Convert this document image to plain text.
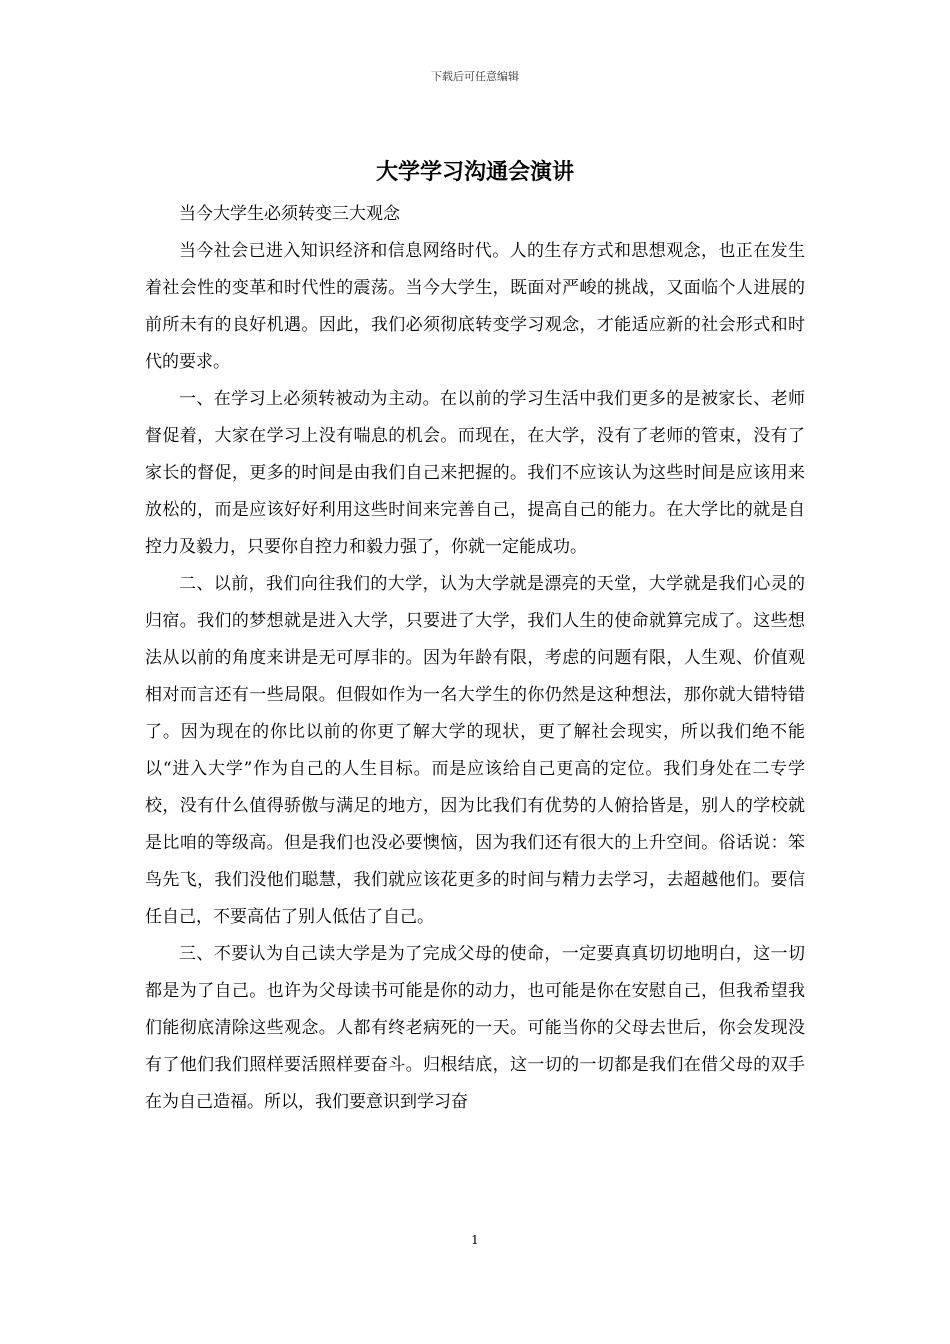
下载后可任意编辑
大学学习沟通会演讲

当今大学生必须转变三大观念

当今社会已进入知识经济和信息网络时代。人的生存方式和思想观念，也正在发生着社会性的变革和时代性的震荡。当今大学生，既面对严峻的挑战，又面临个人进展的前所未有的良好机遇。因此，我们必须彻底转变学习观念，才能适应新的社会形式和时代的要求。

一、在学习上必须转被动为主动。在以前的学习生活中我们更多的是被家长、老师督促着，大家在学习上没有喘息的机会。而现在，在大学，没有了老师的管束，没有了家长的督促，更多的时间是由我们自己来把握的。我们不应该认为这些时间是应该用来放松的，而是应该好好利用这些时间来完善自己，提高自己的能力。在大学比的就是自控力及毅力，只要你自控力和毅力强了，你就一定能成功。

二、以前，我们向往我们的大学，认为大学就是漂亮的天堂，大学就是我们心灵的归宿。我们的梦想就是进入大学，只要进了大学，我们人生的使命就算完成了。这些想法从以前的角度来讲是无可厚非的。因为年龄有限，考虑的问题有限，人生观、价值观相对而言还有一些局限。但假如作为一名大学生的你仍然是这种想法，那你就大错特错了。因为现在的你比以前的你更了解大学的现状，更了解社会现实，所以我们绝不能以“进入大学”作为自己的人生目标。而是应该给自己更高的定位。我们身处在二专学校，没有什么值得骄傲与满足的地方，因为比我们有优势的人俯拾皆是，别人的学校就是比咱的等级高。但是我们也没必要懊恼，因为我们还有很大的上升空间。俗话说：笨鸟先飞，我们没他们聪慧，我们就应该花更多的时间与精力去学习，去超越他们。要信任自己，不要高估了别人低估了自己。

三、不要认为自己读大学是为了完成父母的使命，一定要真真切切地明白，这一切都是为了自己。也许为父母读书可能是你的动力，也可能是你在安慰自己，但我希望我们能彻底清除这些观念。人都有终老病死的一天。可能当你的父母去世后，你会发现没有了他们我们照样要活照样要奋斗。归根结底，这一切的一切都是我们在借父母的双手在为自己造福。所以，我们要意识到学习奋

1
